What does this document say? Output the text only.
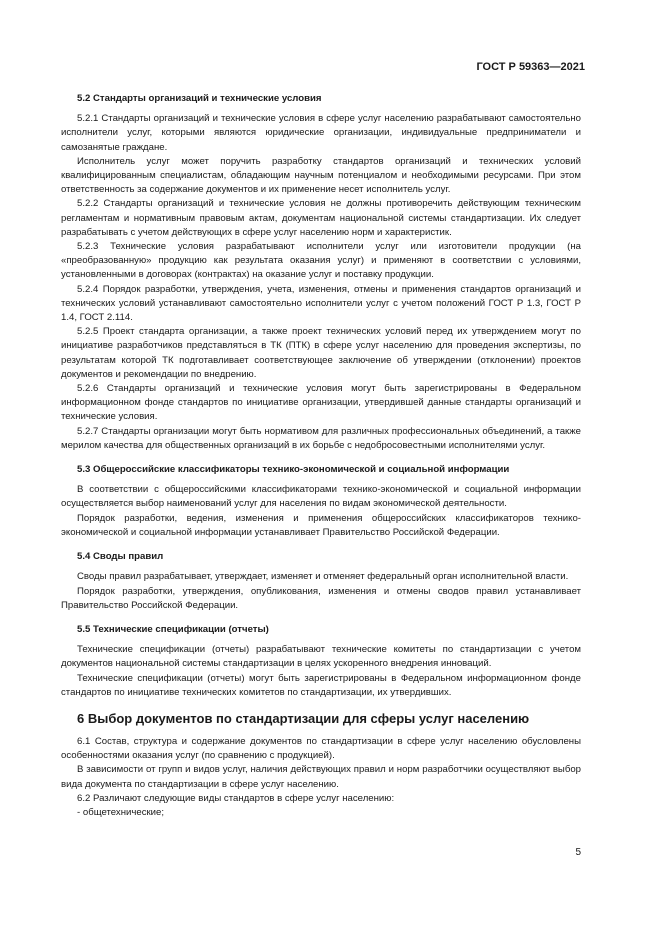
ГОСТ Р 59363—2021
5.2 Стандарты организаций и технические условия

5.2.1 Стандарты организаций и технические условия в сфере услуг населению разрабатывают самостоятельно исполнители услуг, которыми являются юридические организации, индивидуальные предприниматели и самозанятые граждане.

Исполнитель услуг может поручить разработку стандартов организаций и технических условий квалифицированным специалистам, обладающим научным потенциалом и необходимыми ресурсами. При этом ответственность за содержание документов и их применение несет исполнитель услуг.

5.2.2 Стандарты организаций и технические условия не должны противоречить действующим техническим регламентам и нормативным правовым актам, документам национальной системы стандартизации. Их следует разрабатывать с учетом действующих в сфере услуг населению норм и характеристик.

5.2.3 Технические условия разрабатывают исполнители услуг или изготовители продукции (на «преобразованную» продукцию как результата оказания услуг) и применяют в соответствии с условиями, установленными в договорах (контрактах) на оказание услуг и поставку продукции.

5.2.4 Порядок разработки, утверждения, учета, изменения, отмены и применения стандартов организаций и технических условий устанавливают самостоятельно исполнители услуг с учетом положений ГОСТ Р 1.3, ГОСТ Р 1.4, ГОСТ 2.114.

5.2.5 Проект стандарта организации, а также проект технических условий перед их утверждением могут по инициативе разработчиков представляться в ТК (ПТК) в сфере услуг населению для проведения экспертизы, по результатам которой ТК подготавливает соответствующее заключение об утверждении (отклонении) проектов документов и рекомендации по внедрению.

5.2.6 Стандарты организаций и технические условия могут быть зарегистрированы в Федеральном информационном фонде стандартов по инициативе организации, утвердившей данные стандарты организаций и технические условия.

5.2.7 Стандарты организации могут быть нормативом для различных профессиональных объединений, а также мерилом качества для общественных организаций в их борьбе с недобросовестными исполнителями услуг.

5.3 Общероссийские классификаторы технико-экономической и социальной информации

В соответствии с общероссийскими классификаторами технико-экономической и социальной информации осуществляется выбор наименований услуг для населения по видам экономической деятельности.

Порядок разработки, ведения, изменения и применения общероссийских классификаторов технико-экономической и социальной информации устанавливает Правительство Российской Федерации.

5.4 Своды правил

Своды правил разрабатывает, утверждает, изменяет и отменяет федеральный орган исполнительной власти.

Порядок разработки, утверждения, опубликования, изменения и отмены сводов правил устанавливает Правительство Российской Федерации.

5.5 Технические спецификации (отчеты)

Технические спецификации (отчеты) разрабатывают технические комитеты по стандартизации с учетом документов национальной системы стандартизации в целях ускоренного внедрения инноваций.

Технические спецификации (отчеты) могут быть зарегистрированы в Федеральном информационном фонде стандартов по инициативе технических комитетов по стандартизации, их утвердивших.

6 Выбор документов по стандартизации для сферы услуг населению

6.1 Состав, структура и содержание документов по стандартизации в сфере услуг населению обусловлены особенностями оказания услуг (по сравнению с продукцией).

В зависимости от групп и видов услуг, наличия действующих правил и норм разработчики осуществляют выбор вида документа по стандартизации в сфере услуг населению.

6.2 Различают следующие виды стандартов в сфере услуг населению:

- общетехнические;

5
